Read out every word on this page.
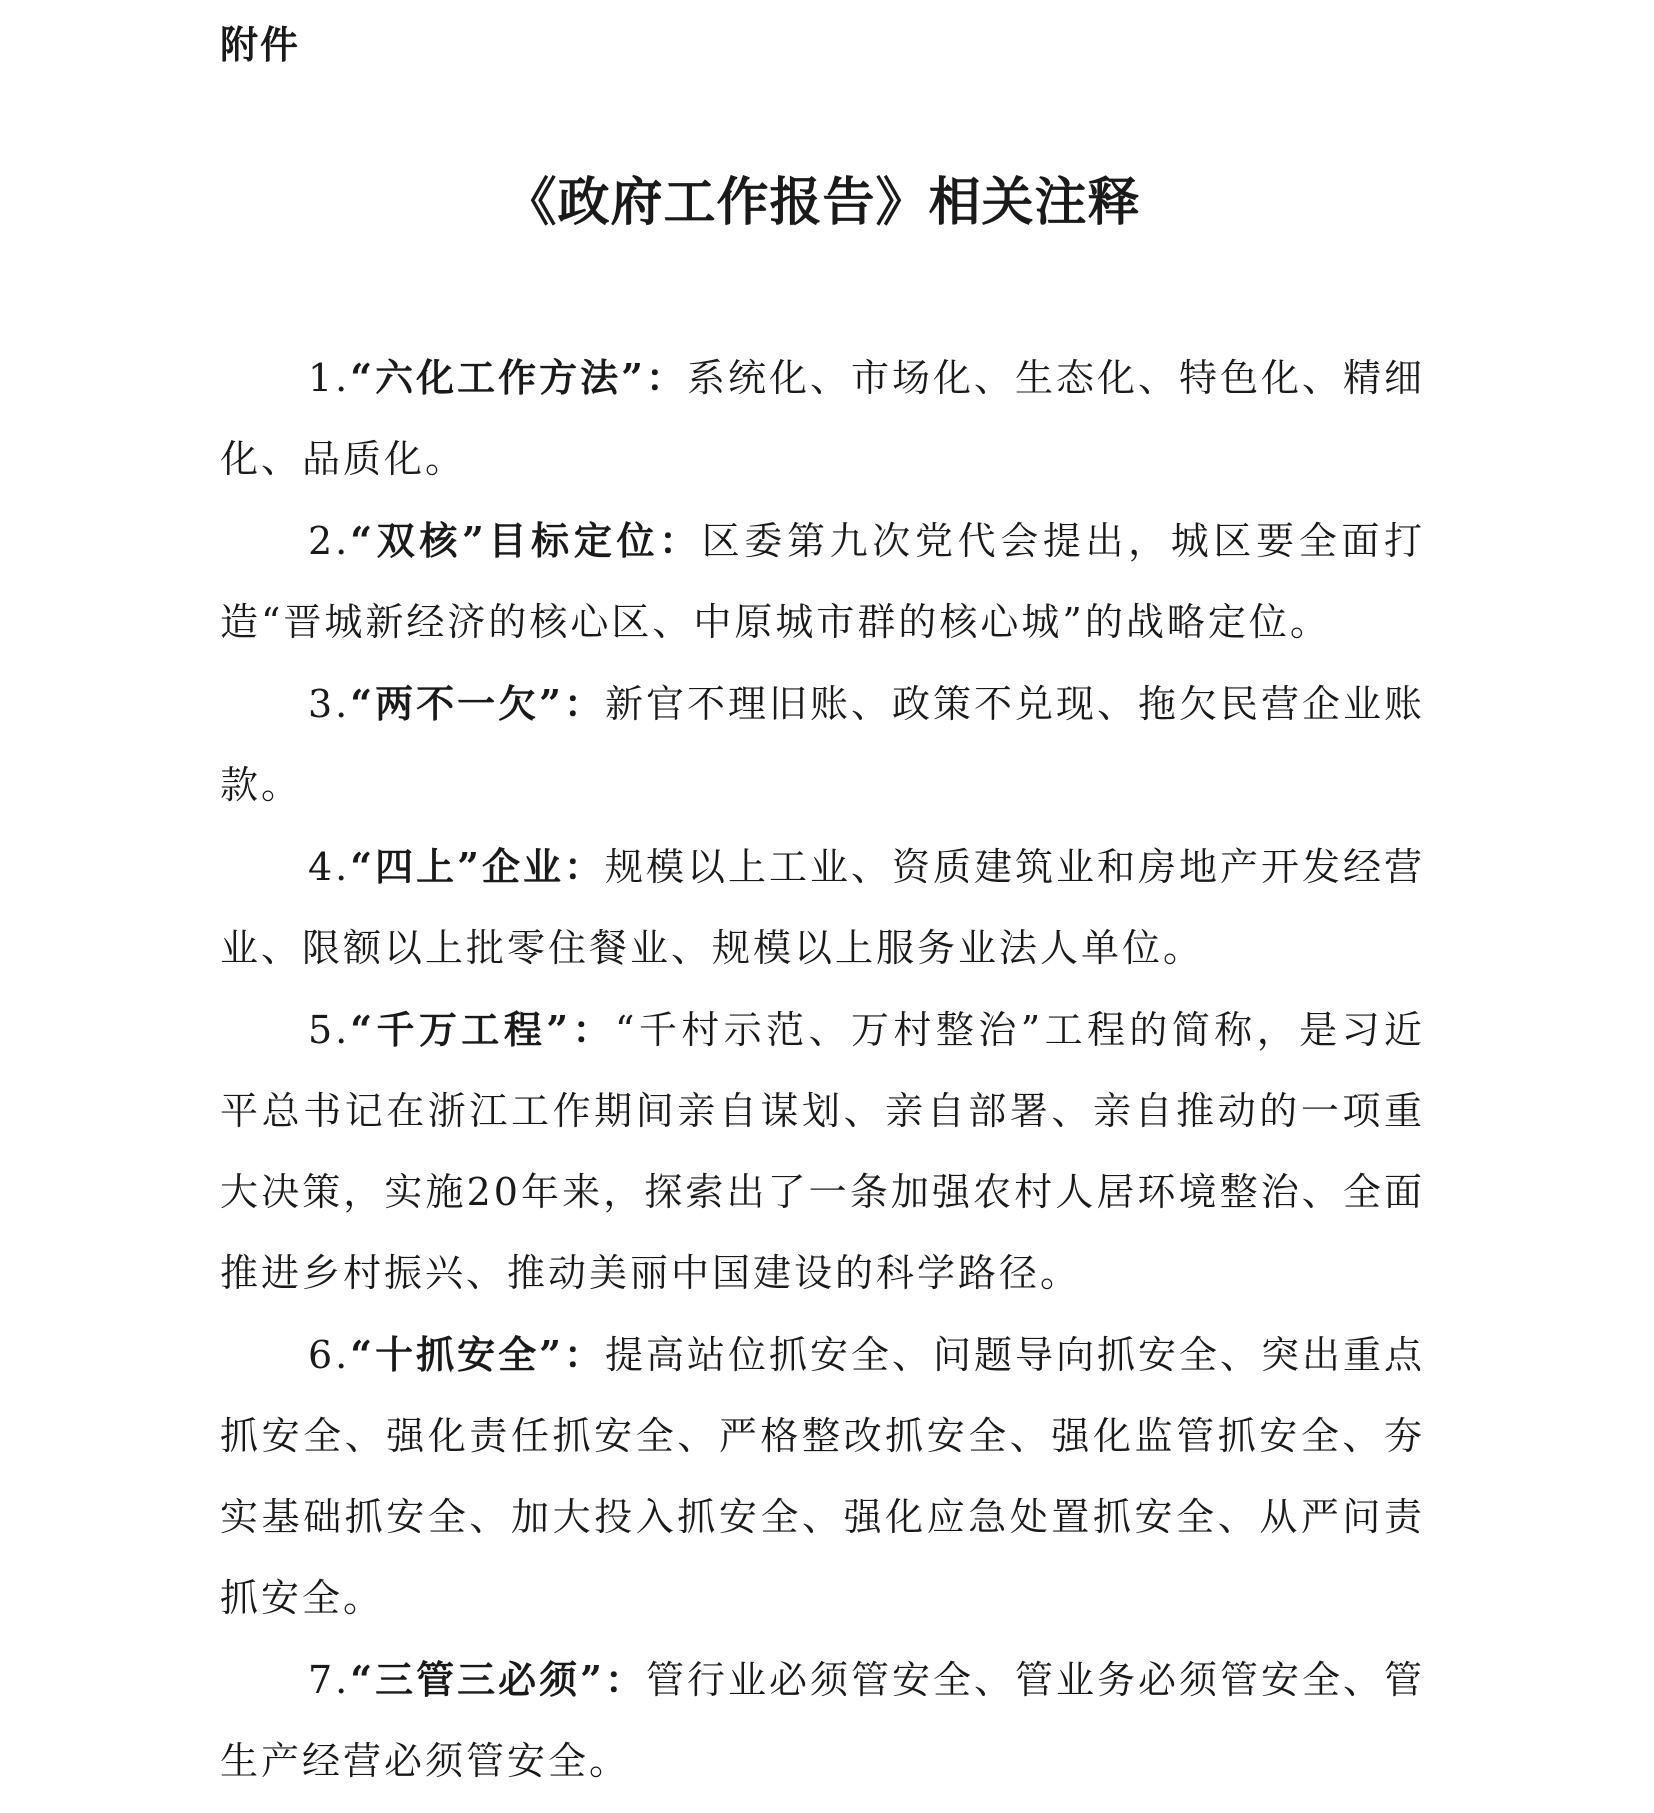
附件
《政府工作报告》相关注释

1.“六化工作方法”：系统化、市场化、生态化、特色化、精细化、品质化。

2.“双核”目标定位：区委第九次党代会提出，城区要全面打造“晋城新经济的核心区、中原城市群的核心城”的战略定位。

3.“两不一欠”：新官不理旧账、政策不兑现、拖欠民营企业账款。

4.“四上”企业：规模以上工业、资质建筑业和房地产开发经营业、限额以上批零住餐业、规模以上服务业法人单位。

5.“千万工程”：“千村示范、万村整治”工程的简称，是习近平总书记在浙江工作期间亲自谋划、亲自部署、亲自推动的一项重大决策，实施20年来，探索出了一条加强农村人居环境整治、全面推进乡村振兴、推动美丽中国建设的科学路径。

6.“十抓安全”：提高站位抓安全、问题导向抓安全、突出重点抓安全、强化责任抓安全、严格整改抓安全、强化监管抓安全、夯实基础抓安全、加大投入抓安全、强化应急处置抓安全、从严问责抓安全。

7.“三管三必须”：管行业必须管安全、管业务必须管安全、管生产经营必须管安全。
